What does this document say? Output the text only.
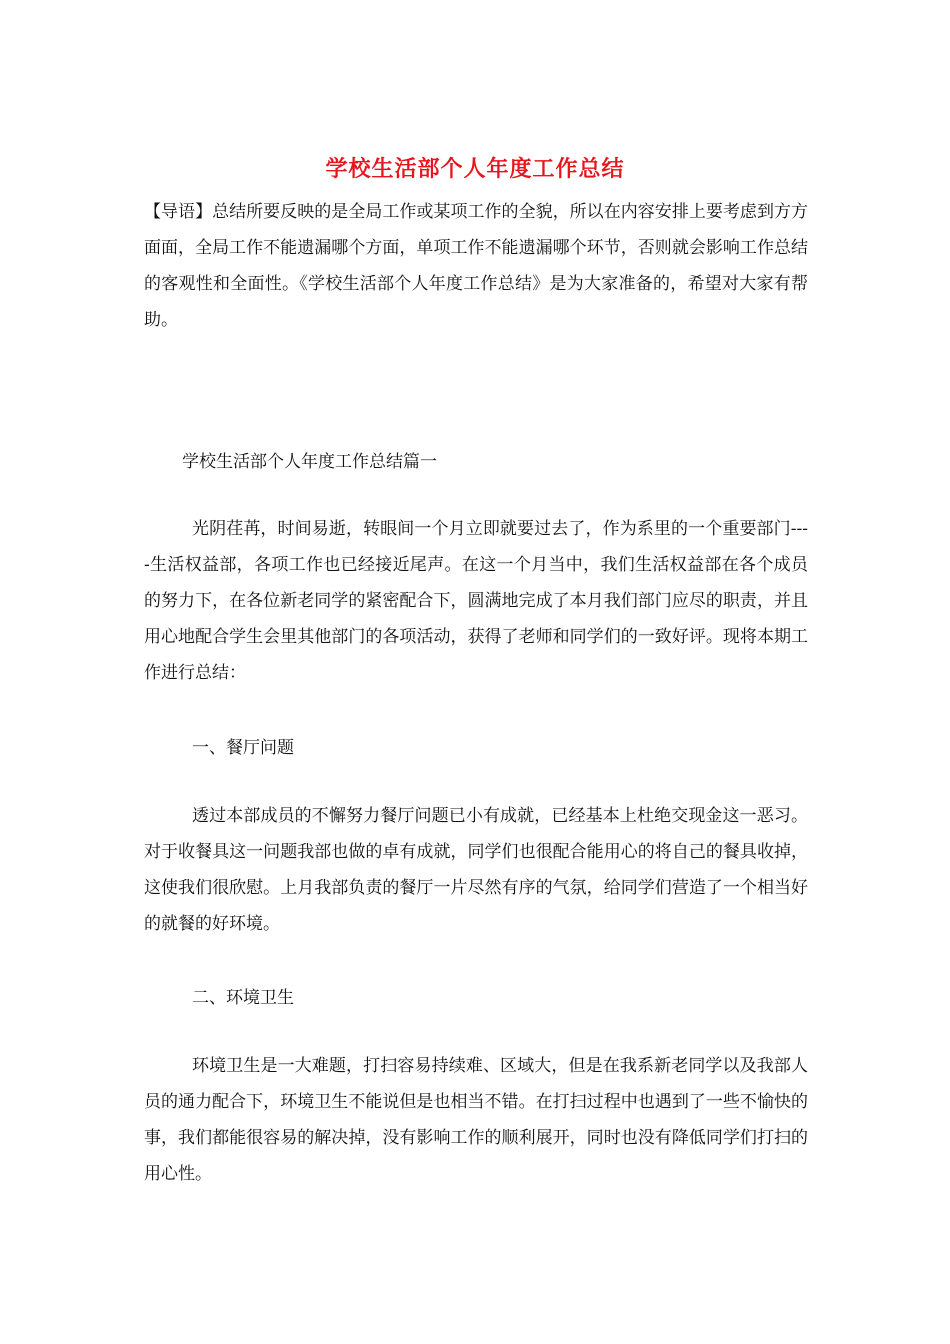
学校生活部个人年度工作总结
【导语】总结所要反映的是全局工作或某项工作的全貌，所以在内容安排上要考虑到方方面面，全局工作不能遗漏哪个方面，单项工作不能遗漏哪个环节，否则就会影响工作总结的客观性和全面性。《学校生活部个人年度工作总结》是为大家准备的，希望对大家有帮助。
学校生活部个人年度工作总结篇一
光阴荏苒，时间易逝，转眼间一个月立即就要过去了，作为系里的一个重要部门----生活权益部，各项工作也已经接近尾声。在这一个月当中，我们生活权益部在各个成员的努力下，在各位新老同学的紧密配合下，圆满地完成了本月我们部门应尽的职责，并且用心地配合学生会里其他部门的各项活动，获得了老师和同学们的一致好评。现将本期工作进行总结：
一、餐厅问题
透过本部成员的不懈努力餐厅问题已小有成就，已经基本上杜绝交现金这一恶习。对于收餐具这一问题我部也做的卓有成就，同学们也很配合能用心的将自己的餐具收掉，这使我们很欣慰。上月我部负责的餐厅一片尽然有序的气氛，给同学们营造了一个相当好的就餐的好环境。
二、环境卫生
环境卫生是一大难题，打扫容易持续难、区域大，但是在我系新老同学以及我部人员的通力配合下，环境卫生不能说但是也相当不错。在打扫过程中也遇到了一些不愉快的事，我们都能很容易的解决掉，没有影响工作的顺利展开，同时也没有降低同学们打扫的用心性。
